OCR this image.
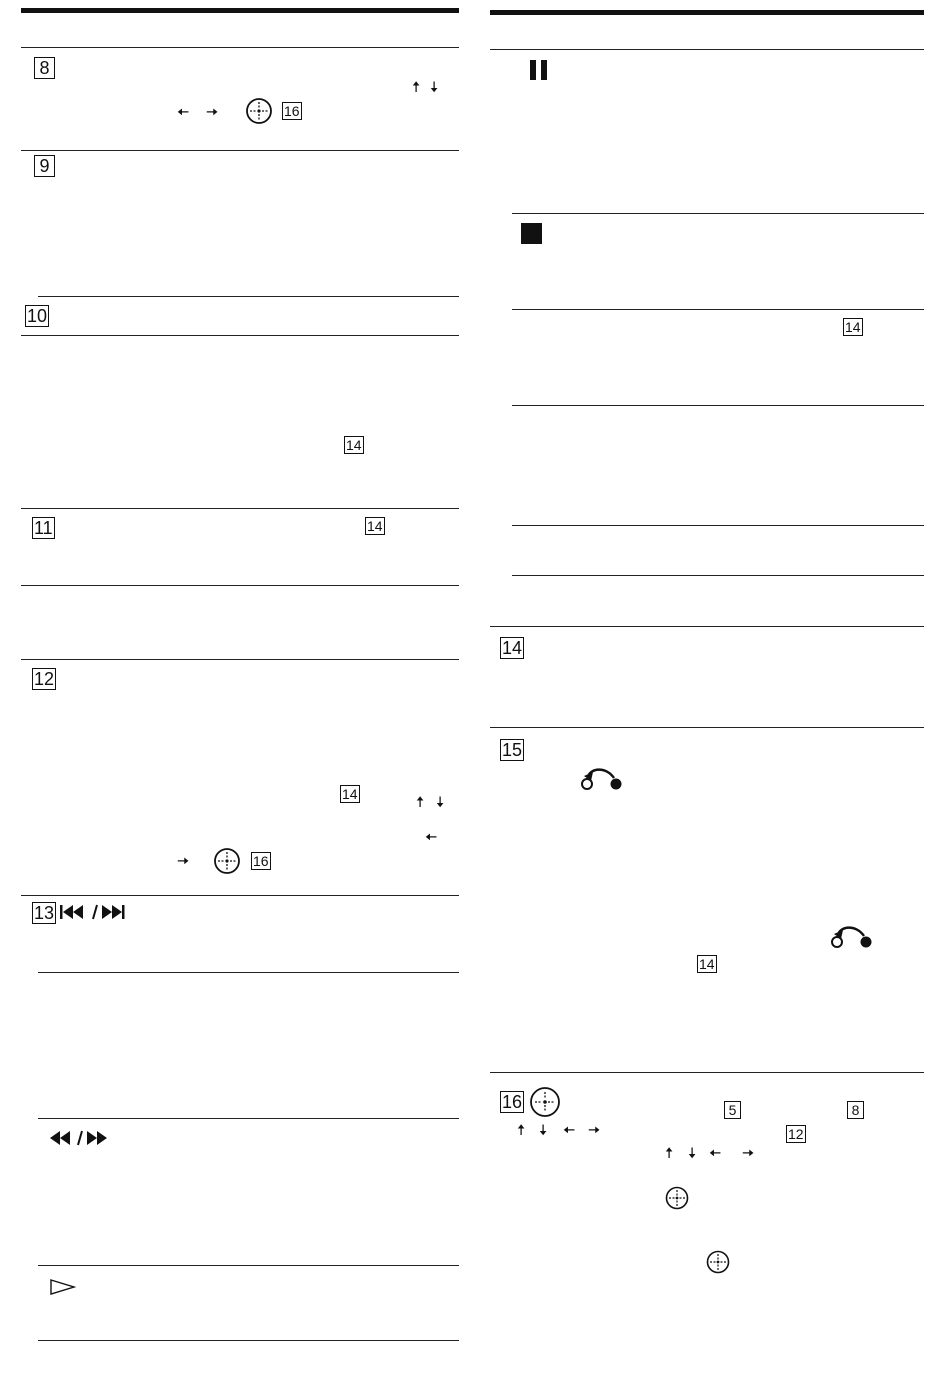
8
🠅 🠇
🠄 🠆	16
9
10
14
11	14
12
14	🠅 🠇
🠄
🠆	16
13
14
14
15
14
16	5	8
🠅 🠇 🠄 🠆	12
🠅 🠇 🠄 🠆
